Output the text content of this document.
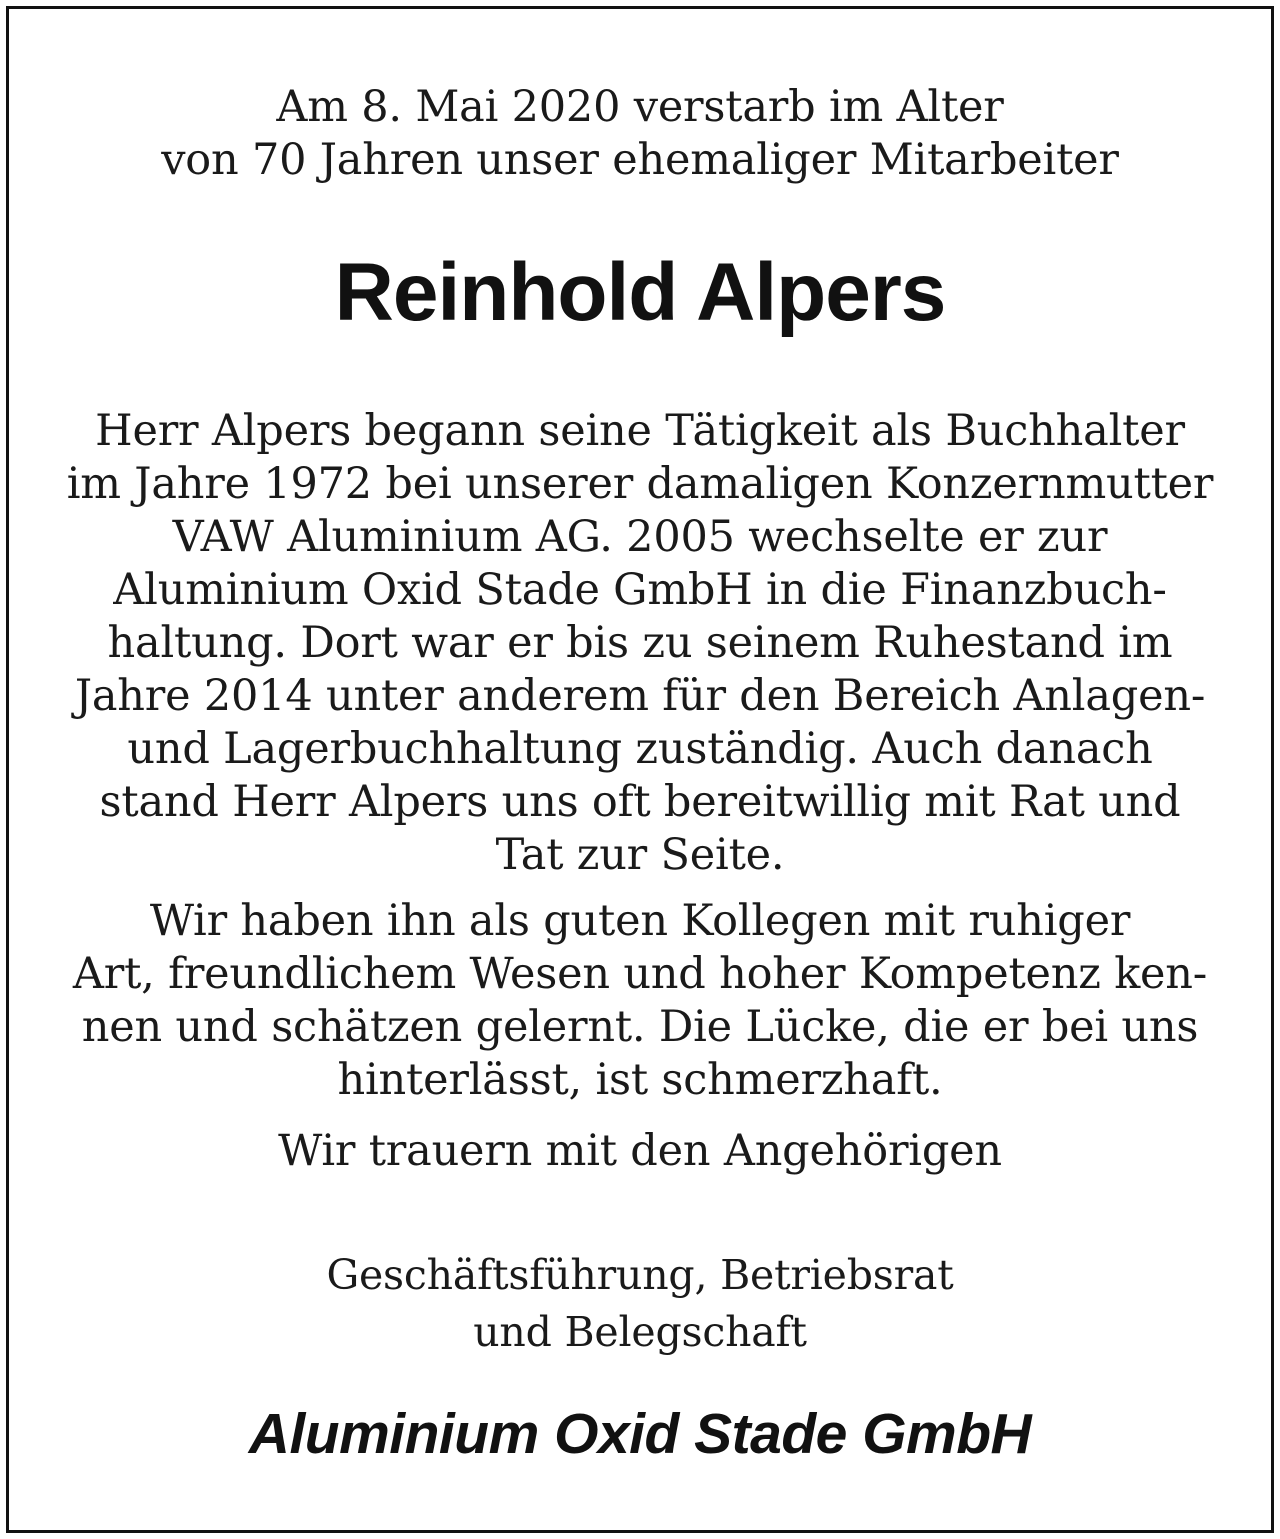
Am 8. Mai 2020 verstarb im Alter
von 70 Jahren unser ehemaliger Mitarbeiter
Reinhold Alpers
Herr Alpers begann seine Tätigkeit als Buchhalter
im Jahre 1972 bei unserer damaligen Konzernmutter
VAW Aluminium AG. 2005 wechselte er zur
Aluminium Oxid Stade GmbH in die Finanzbuch-
haltung. Dort war er bis zu seinem Ruhestand im
Jahre 2014 unter anderem für den Bereich Anlagen-
und Lagerbuchhaltung zuständig. Auch danach
stand Herr Alpers uns oft bereitwillig mit Rat und
Tat zur Seite.
Wir haben ihn als guten Kollegen mit ruhiger
Art, freundlichem Wesen und hoher Kompetenz ken-
nen und schätzen gelernt. Die Lücke, die er bei uns
hinterlässt, ist schmerzhaft.
Wir trauern mit den Angehörigen
Geschäftsführung, Betriebsrat
und Belegschaft
Aluminium Oxid Stade GmbH
